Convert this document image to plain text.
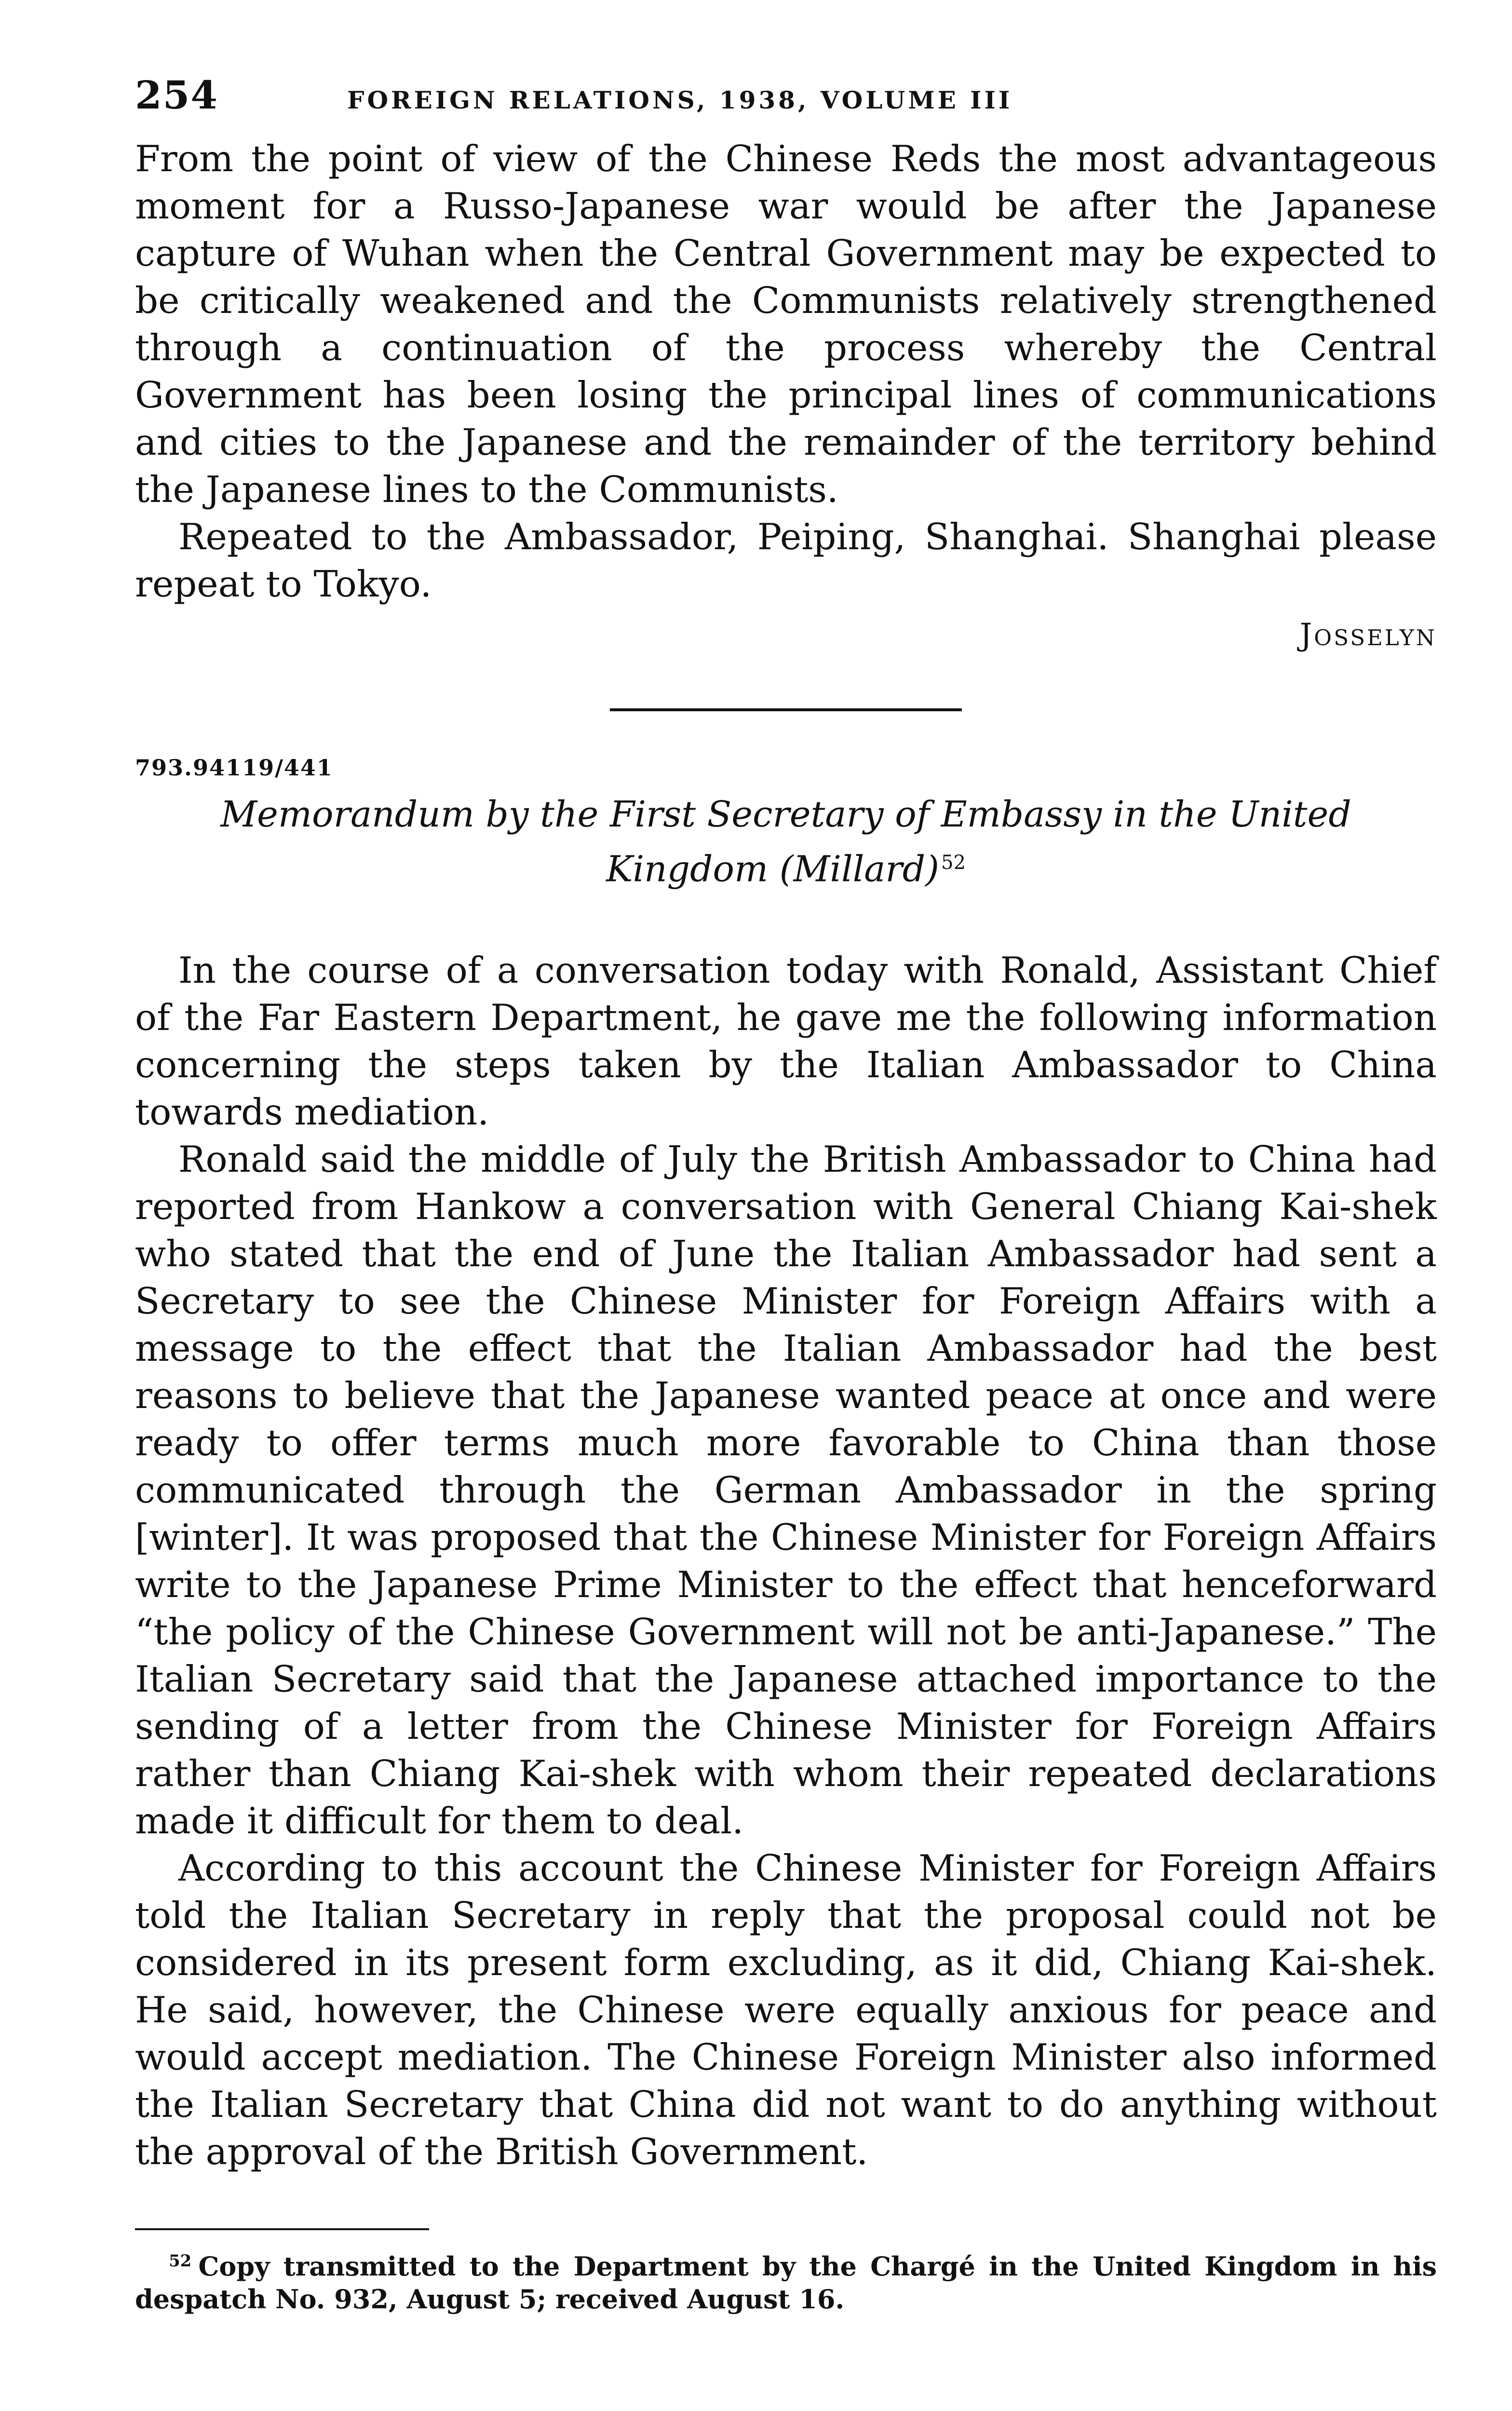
254	FOREIGN RELATIONS, 1938, VOLUME III

From the point of view of the Chinese Reds the most advantageous moment for a Russo-Japanese war would be after the Japanese capture of Wuhan when the Central Government may be expected to be critically weakened and the Communists relatively strengthened through a continuation of the process whereby the Central Government has been losing the principal lines of communications and cities to the Japanese and the remainder of the territory behind the Japanese lines to the Communists.

Repeated to the Ambassador, Peiping, Shanghai. Shanghai please repeat to Tokyo.

Josselyn
793.94119/441
Memorandum by the First Secretary of Embassy in the United Kingdom (Millard) $^{52}$

In the course of a conversation today with Ronald, Assistant Chief of the Far Eastern Department, he gave me the following information concerning the steps taken by the Italian Ambassador to China towards mediation.

Ronald said the middle of July the British Ambassador to China had reported from Hankow a conversation with General Chiang Kai-shek who stated that the end of June the Italian Ambassador had sent a Secretary to see the Chinese Minister for Foreign Affairs with a message to the effect that the Italian Ambassador had the best reasons to believe that the Japanese wanted peace at once and were ready to offer terms much more favorable to China than those communicated through the German Ambassador in the spring [winter]. It was proposed that the Chinese Minister for Foreign Affairs write to the Japanese Prime Minister to the effect that henceforward “the policy of the Chinese Government will not be anti-Japanese.” The Italian Secretary said that the Japanese attached importance to the sending of a letter from the Chinese Minister for Foreign Affairs rather than Chiang Kai-shek with whom their repeated declarations made it difficult for them to deal.

According to this account the Chinese Minister for Foreign Affairs told the Italian Secretary in reply that the proposal could not be considered in its present form excluding, as it did, Chiang Kai-shek. He said, however, the Chinese were equally anxious for peace and would accept mediation. The Chinese Foreign Minister also informed the Italian Secretary that China did not want to do anything without the approval of the British Government.

$^{52}$ Copy transmitted to the Department by the Chargé in the United Kingdom in his despatch No. 932, August 5; received August 16.
